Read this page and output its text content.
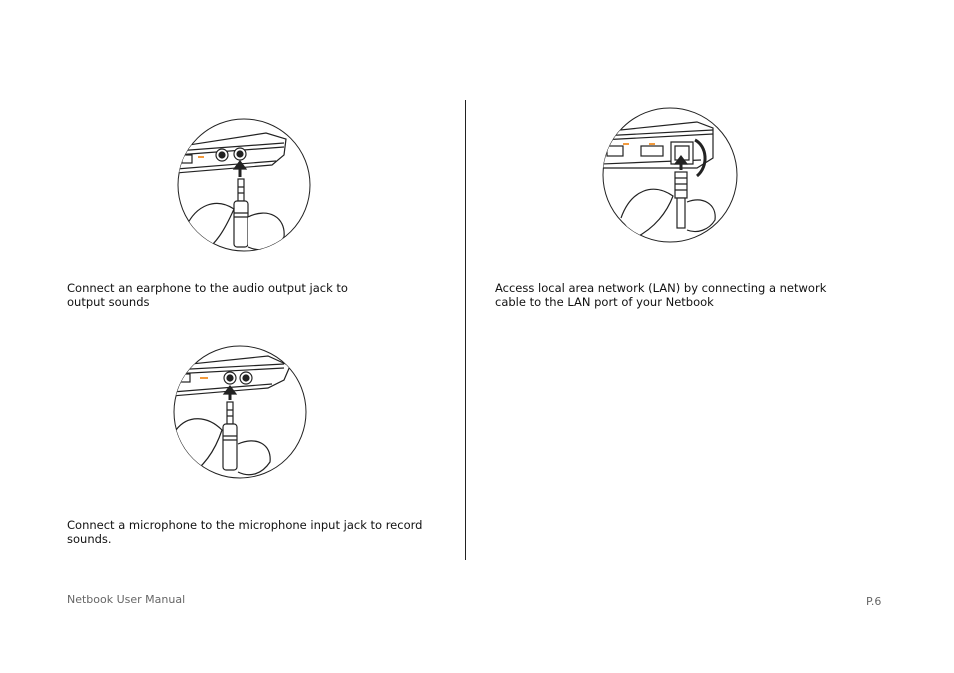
Connect an earphone to the audio output jack to output sounds

Connect a microphone to the microphone input jack to record sounds.

Access local area network (LAN) by connecting a network cable to the LAN port of your Netbook

Netbook User Manual	P.6
